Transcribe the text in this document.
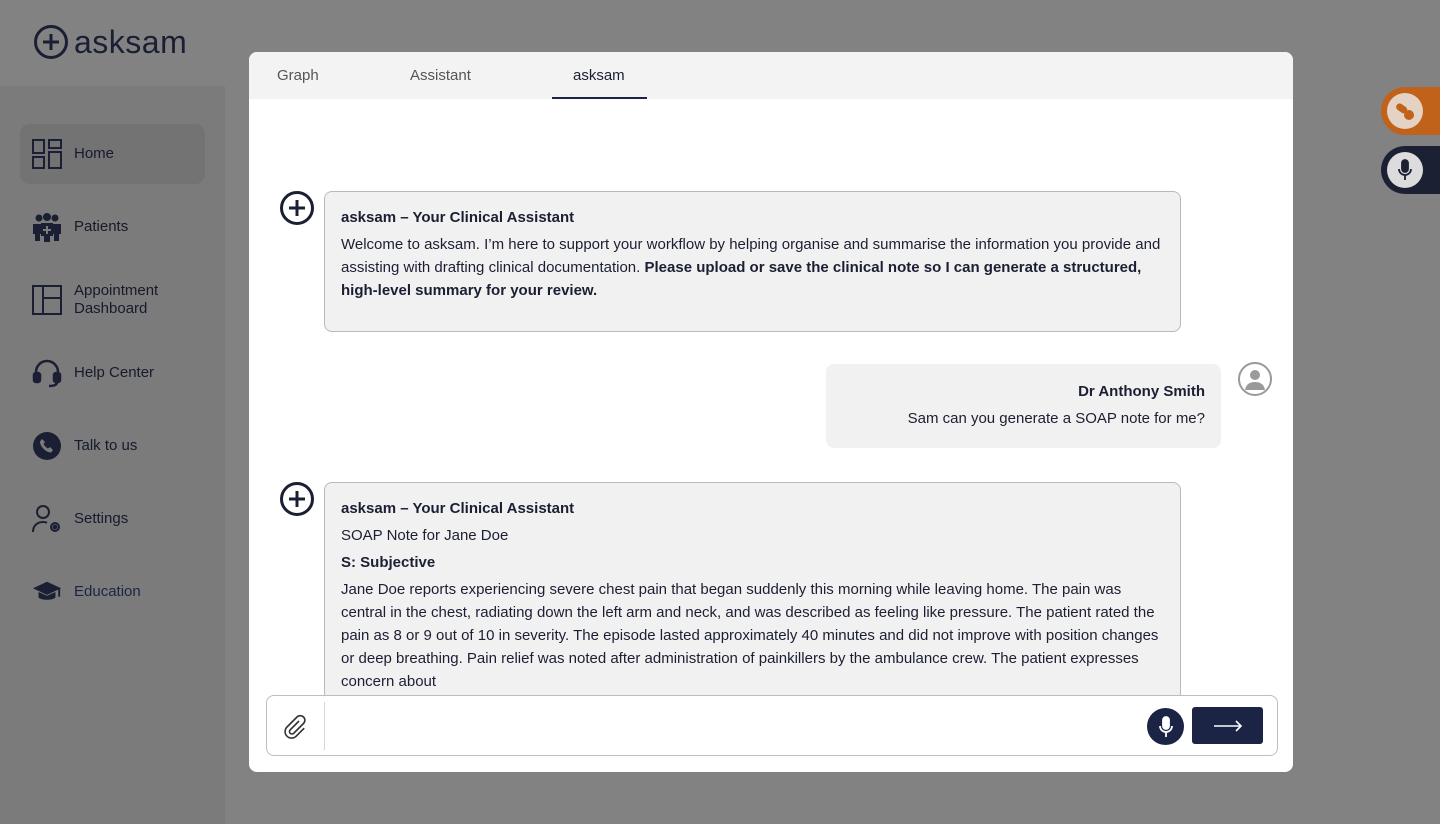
asksam
Home
Patients
Appointment Dashboard
Help Center
Talk to us
Settings
Education
Graph	Assistant	asksam
asksam – Your Clinical Assistant
Welcome to asksam. I’m here to support your workflow by helping organise and summarise the information you provide and assisting with drafting clinical documentation. Please upload or save the clinical note so I can generate a structured, high-level summary for your review.
Dr Anthony Smith
Sam can you generate a SOAP note for me?
asksam – Your Clinical Assistant
SOAP Note for Jane Doe
S: Subjective
Jane Doe reports experiencing severe chest pain that began suddenly this morning while leaving home. The pain was central in the chest, radiating down the left arm and neck, and was described as feeling like pressure. The patient rated the pain as 8 or 9 out of 10 in severity. The episode lasted approximately 40 minutes and did not improve with position changes or deep breathing. Pain relief was noted after administration of painkillers by the ambulance crew. The patient expresses concern about
